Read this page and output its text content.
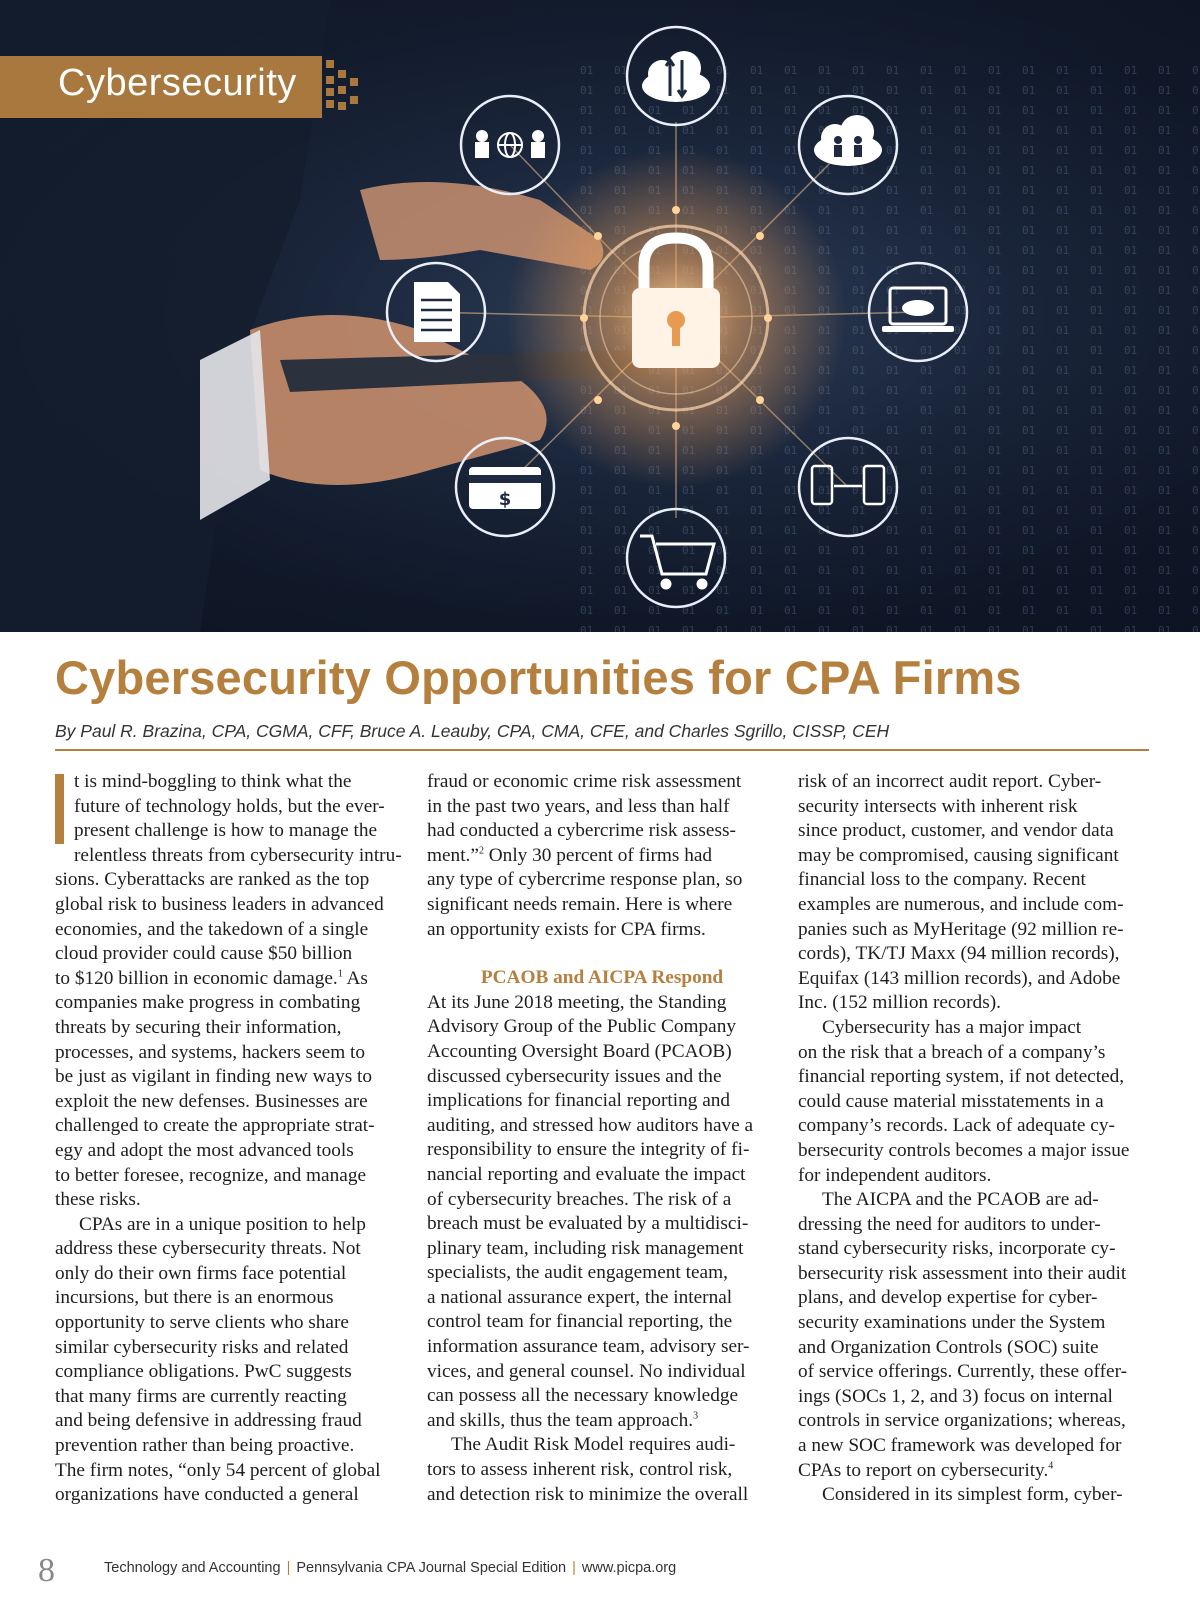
$
Cybersecurity
Cybersecurity Opportunities for CPA Firms
By Paul R. Brazina, CPA, CGMA, CFF, Bruce A. Leauby, CPA, CMA, CFE, and Charles Sgrillo, CISSP, CEH

t is mind-boggling to think what the
future of technology holds, but the ever-
present challenge is how to manage the
relentless threats from cybersecurity intru-
sions. Cyberattacks are ranked as the top
global risk to business leaders in advanced
economies, and the takedown of a single
cloud provider could cause $50 billion
to $120 billion in economic damage.$^1$ As
companies make progress in combating
threats by securing their information,
processes, and systems, hackers seem to
be just as vigilant in finding new ways to
exploit the new defenses. Businesses are
challenged to create the appropriate strat-
egy and adopt the most advanced tools
to better foresee, recognize, and manage
these risks.

CPAs are in a unique position to help
address these cybersecurity threats. Not
only do their own firms face potential
incursions, but there is an enormous
opportunity to serve clients who share
similar cybersecurity risks and related
compliance obligations. PwC suggests
that many firms are currently reacting
and being defensive in addressing fraud
prevention rather than being proactive.
The firm notes, “only 54 percent of global
organizations have conducted a general

fraud or economic crime risk assessment
in the past two years, and less than half
had conducted a cybercrime risk assess-
ment.”$^2$ Only 30 percent of firms had
any type of cybercrime response plan, so
significant needs remain. Here is where
an opportunity exists for CPA firms.

PCAOB and AICPA Respond

At its June 2018 meeting, the Standing
Advisory Group of the Public Company
Accounting Oversight Board (PCAOB)
discussed cybersecurity issues and the
implications for financial reporting and
auditing, and stressed how auditors have a
responsibility to ensure the integrity of fi-
nancial reporting and evaluate the impact
of cybersecurity breaches. The risk of a
breach must be evaluated by a multidisci-
plinary team, including risk management
specialists, the audit engagement team,
a national assurance expert, the internal
control team for financial reporting, the
information assurance team, advisory ser-
vices, and general counsel. No individual
can possess all the necessary knowledge
and skills, thus the team approach.$^3$

The Audit Risk Model requires audi-
tors to assess inherent risk, control risk,
and detection risk to minimize the overall

risk of an incorrect audit report. Cyber-
security intersects with inherent risk
since product, customer, and vendor data
may be compromised, causing significant
financial loss to the company. Recent
examples are numerous, and include com-
panies such as MyHeritage (92 million re-
cords), TK/TJ Maxx (94 million records),
Equifax (143 million records), and Adobe
Inc. (152 million records).

Cybersecurity has a major impact
on the risk that a breach of a company’s
financial reporting system, if not detected,
could cause material misstatements in a
company’s records. Lack of adequate cy-
bersecurity controls becomes a major issue
for independent auditors.

The AICPA and the PCAOB are ad-
dressing the need for auditors to under-
stand cybersecurity risks, incorporate cy-
bersecurity risk assessment into their audit
plans, and develop expertise for cyber-
security examinations under the System
and Organization Controls (SOC) suite
of service offerings. Currently, these offer-
ings (SOCs 1, 2, and 3) focus on internal
controls in service organizations; whereas,
a new SOC framework was developed for
CPAs to report on cybersecurity.$^4$

Considered in its simplest form, cyber-

8	Technology and Accounting | Pennsylvania CPA Journal Special Edition | www.picpa.org
